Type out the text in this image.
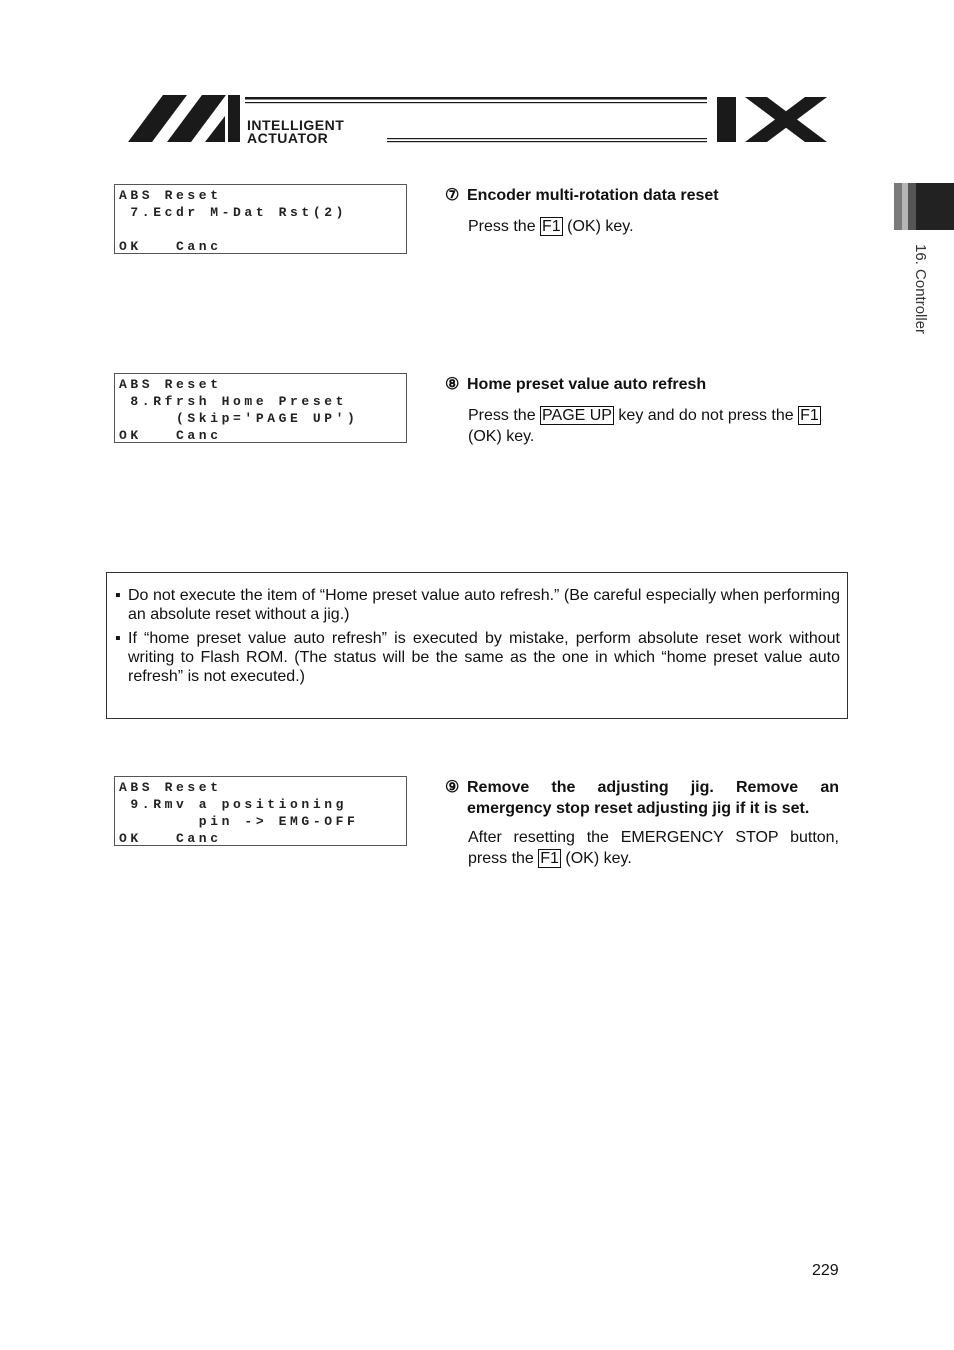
INTELLIGENT
ACTUATOR
16. Controller
ABS Reset
7.Ecdr M-Dat Rst(2)
OK   Canc
⑦ Encoder multi-rotation data reset
Press the F1 (OK) key.
ABS Reset
8.Rfrsh Home Preset
(Skip='PAGE UP')
OK   Canc
⑧ Home preset value auto refresh
Press the PAGE UP key and do not press the F1
(OK) key.
▪ Do not execute the item of “Home preset value auto refresh.” (Be careful especially when performing an absolute reset without a jig.)
▪ If “home preset value auto refresh” is executed by mistake, perform absolute reset work without writing to Flash ROM. (The status will be the same as the one in which “home preset value auto refresh” is not executed.)
ABS Reset
9.Rmv a positioning
pin -> EMG-OFF
OK   Canc
⑨ Remove the adjusting jig. Remove an
emergency stop reset adjusting jig if it is set.
After resetting the EMERGENCY STOP button,
press the F1 (OK) key.
229
